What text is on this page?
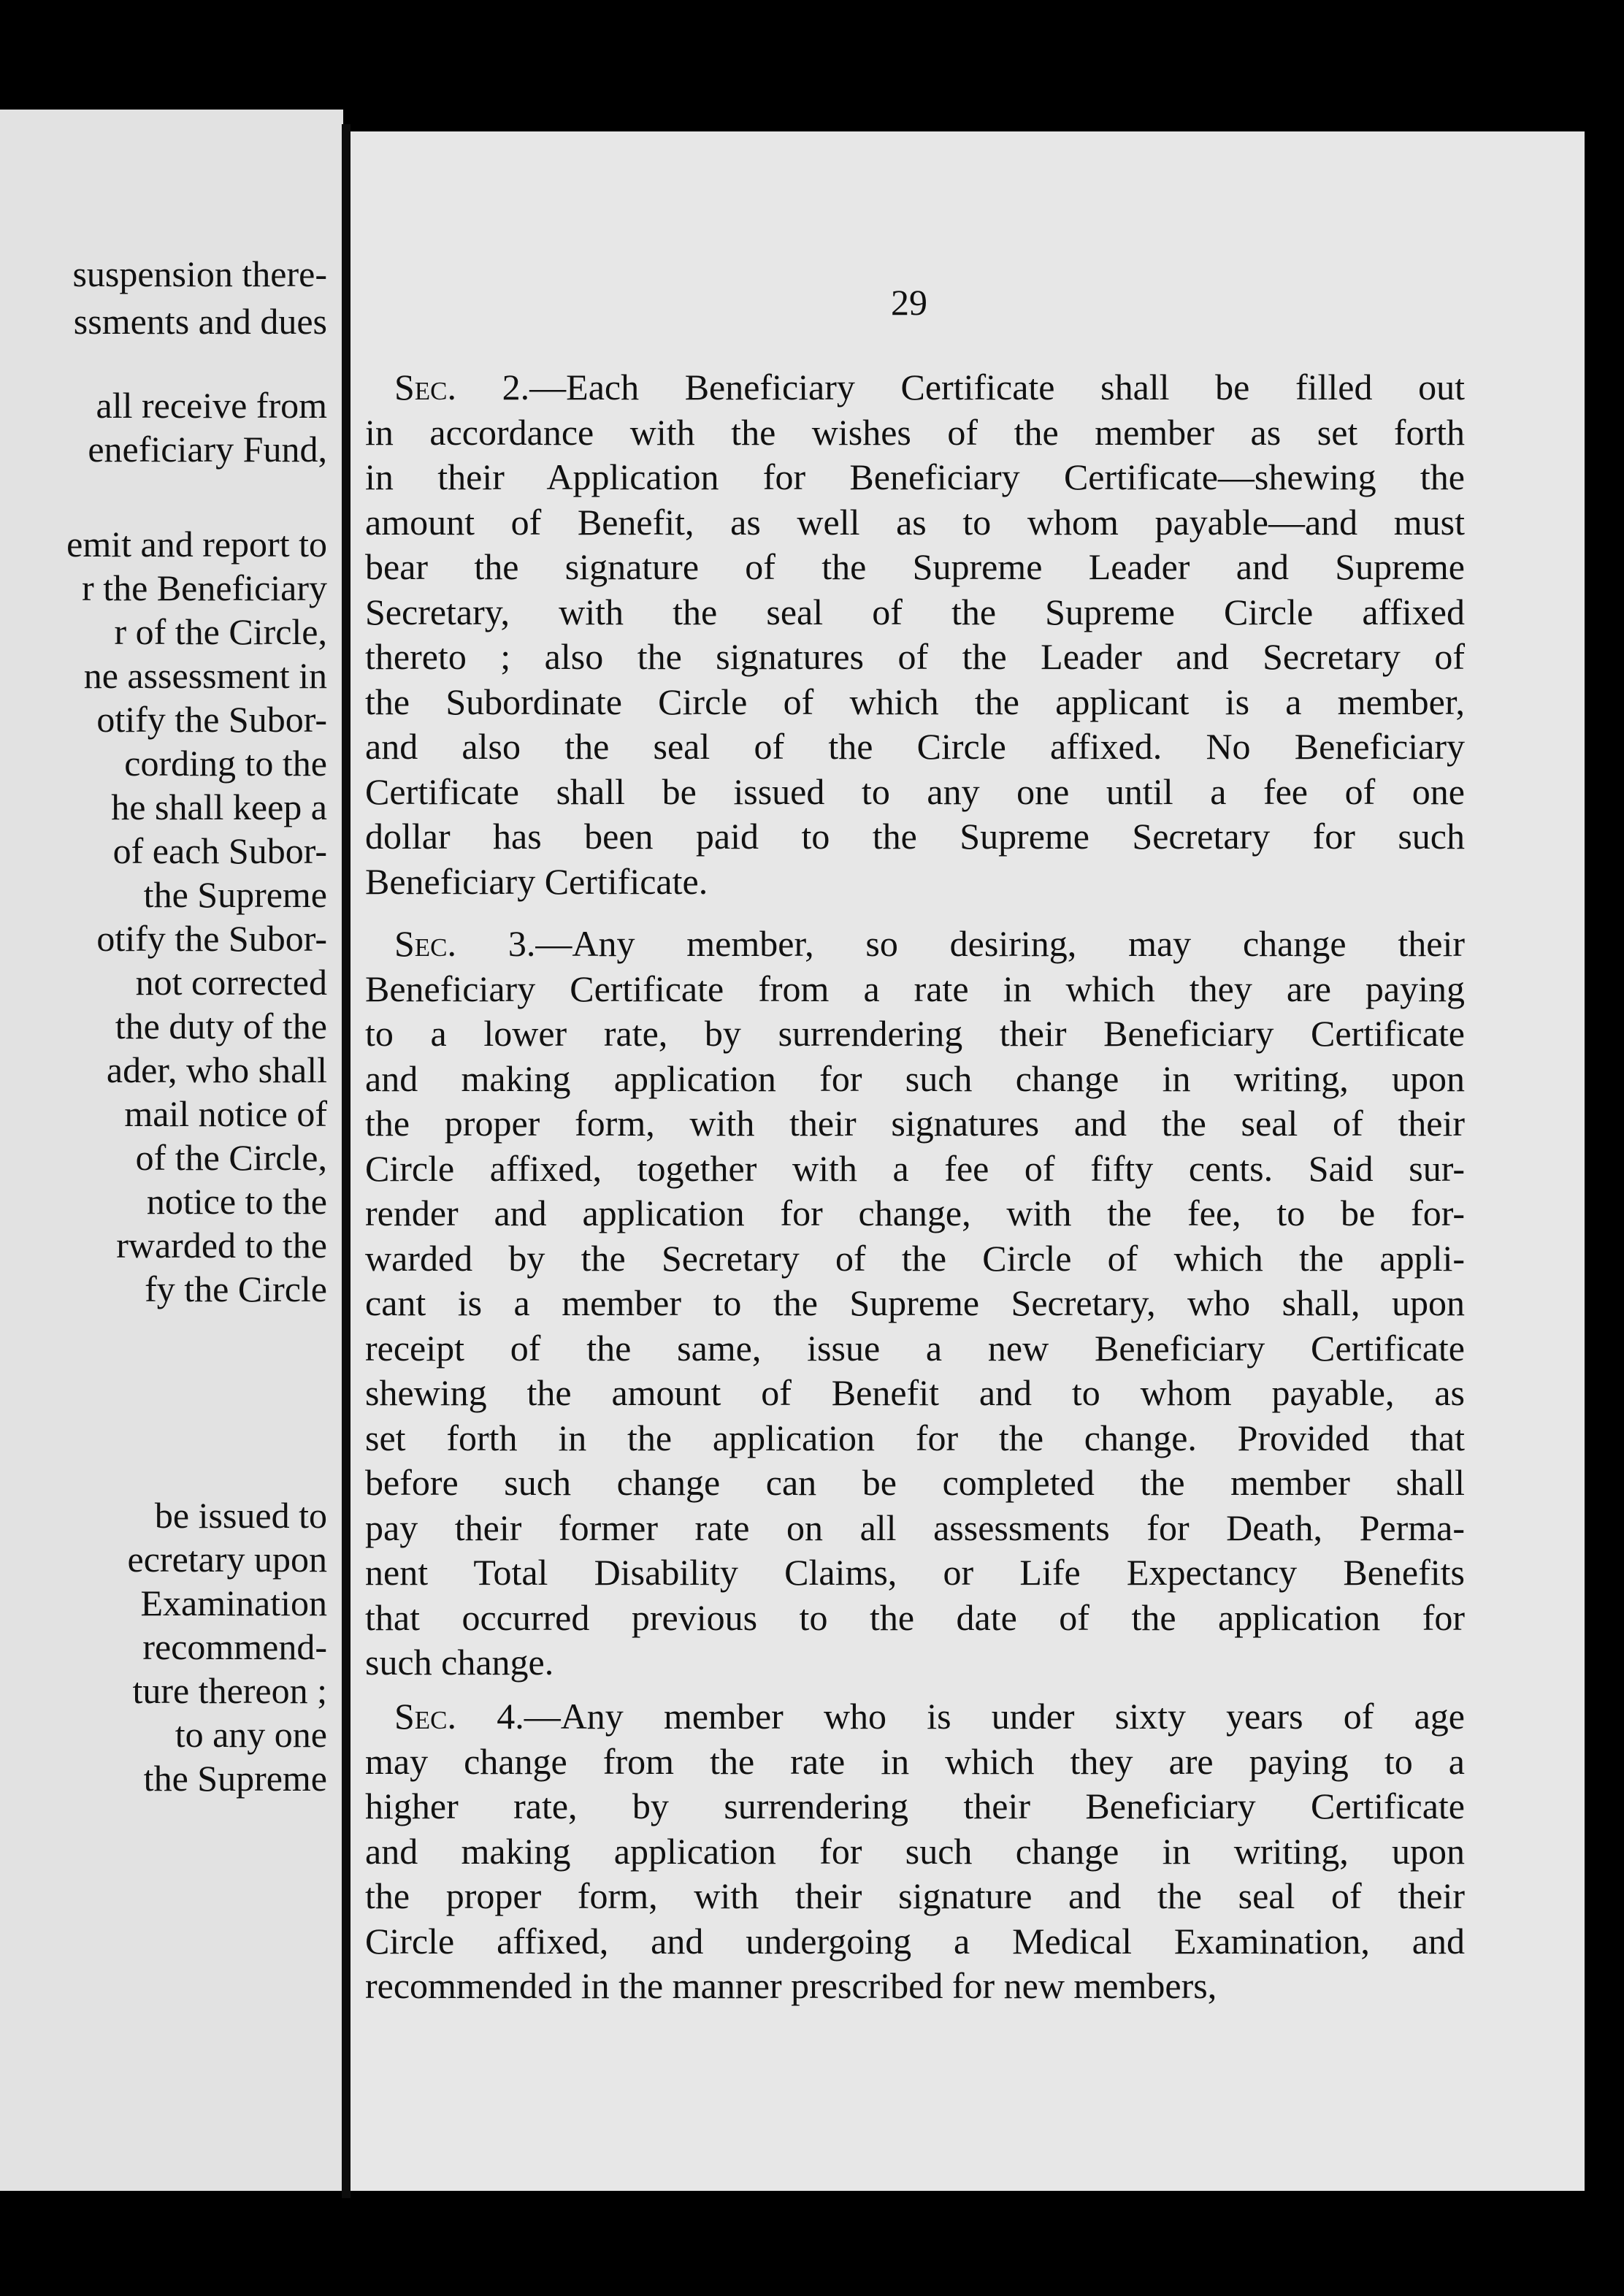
suspension there-
ssments and dues
all receive from
eneficiary Fund,
emit and report to
r the Beneficiary
r of the Circle,
ne assessment in
otify the Subor-
cording to the
he shall keep a
of each Subor-
the Supreme
otify the Subor-
not corrected
the duty of the
ader, who shall
mail notice of
of the Circle,
notice to the
rwarded to the
fy the Circle
be issued to
ecretary upon
Examination
recommend-
ture thereon ;
to any one
the Supreme
29
Sec. 2.—Each Beneficiary Certificate shall be filled out
in accordance with the wishes of the member as set forth
in their Application for Beneficiary Certificate—shewing the
amount of Benefit, as well as to whom payable—and must
bear the signature of the Supreme Leader and Supreme
Secretary, with the seal of the Supreme Circle affixed
thereto ; also the signatures of the Leader and Secretary of
the Subordinate Circle of which the applicant is a member,
and also the seal of the Circle affixed. No Beneficiary
Certificate shall be issued to any one until a fee of one
dollar has been paid to the Supreme Secretary for such
Beneficiary Certificate.
Sec. 3.—Any member, so desiring, may change their
Beneficiary Certificate from a rate in which they are paying
to a lower rate, by surrendering their Beneficiary Certificate
and making application for such change in writing, upon
the proper form, with their signatures and the seal of their
Circle affixed, together with a fee of fifty cents. Said sur-
render and application for change, with the fee, to be for-
warded by the Secretary of the Circle of which the appli-
cant is a member to the Supreme Secretary, who shall, upon
receipt of the same, issue a new Beneficiary Certificate
shewing the amount of Benefit and to whom payable, as
set forth in the application for the change. Provided that
before such change can be completed the member shall
pay their former rate on all assessments for Death, Perma-
nent Total Disability Claims, or Life Expectancy Benefits
that occurred previous to the date of the application for
such change.
Sec. 4.—Any member who is under sixty years of age
may change from the rate in which they are paying to a
higher rate, by surrendering their Beneficiary Certificate
and making application for such change in writing, upon
the proper form, with their signature and the seal of their
Circle affixed, and undergoing a Medical Examination, and
recommended in the manner prescribed for new members,
